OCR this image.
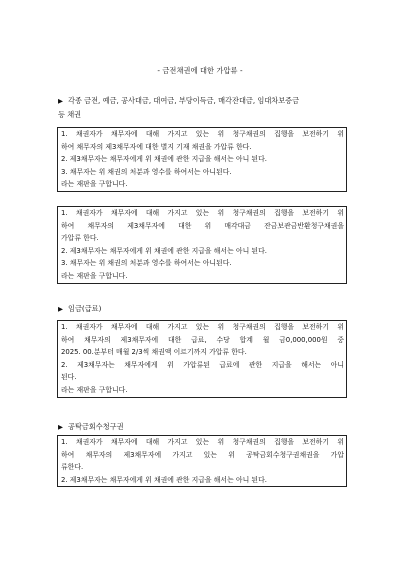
- 금전채권에 대한 가압류 -
▶ 각종 금전, 예금, 공사대금, 대여금, 부당이득금, 매각잔대금, 임대차보증금
등 채권
1. 채권자가 채무자에 대해 가지고 있는 위 청구채권의 집행을 보전하기 위
하여 채무자의 제3채무자에 대한 별지 기재 채권을 가압류 한다.
2. 제3채무자는 채무자에게 위 채권에 관한 지급을 해서는 아니 된다.
3. 채무자는 위 채권의 처분과 영수를 하여서는 아니된다.
라는 재판을 구합니다.
1. 채권자가 채무자에 대해 가지고 있는 위 청구채권의 집행을 보전하기 위
하여 채무자의 제3채무자에 대한 위 매각대금 잔금보관금반환청구채권을
가압류 한다.
2. 제3채무자는 채무자에게 위 채권에 관한 지급을 해서는 아니 된다.
3. 채무자는 위 채권의 처분과 영수를 하여서는 아니된다.
라는 재판을 구합니다.
▶ 임금(급료)
1. 채권자가 채무자에 대해 가지고 있는 위 청구채권의 집행을 보전하기 위
하여 채무자의 제3채무자에 대한 급료, 수당 합계 월 금0,000,000원 중
2025. 00.분부터 매월 2/3씩 채권액 이르기까지 가압류 한다.
2. 제3채무자는 채무자에게 위 가압류된 급료에 관한 지급을 해서는 아니
된다.
라는 재판을 구합니다.
▶ 공탁금회수청구권
1. 채권자가 채무자에 대해 가지고 있는 위 청구채권의 집행을 보전하기 위
하여 채무자의 제3채무자에 가지고 있는 위 공탁금회수청구권채권을 가압
류한다.
2. 제3채무자는 채무자에게 위 채권에 관한 지급을 해서는 아니 된다.
